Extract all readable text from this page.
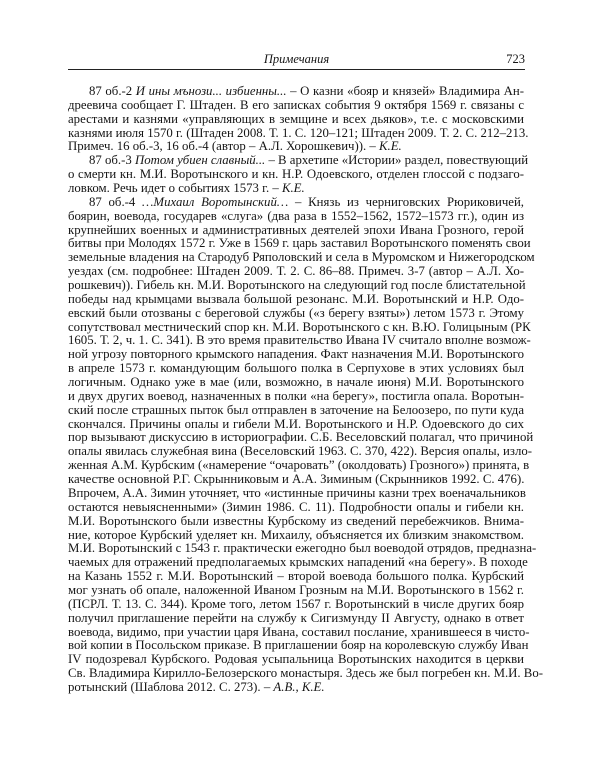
Примечания	723
87 об.-2 И ины мънози... избиенны... – О казни «бояр и князей» Владимира Ан-
дреевича сообщает Г. Штаден. В его записках события 9 октября 1569 г. связаны с
арестами и казнями «управляющих в земщине и всех дьяков», т.е. с московскими
казнями июля 1570 г. (Штаден 2008. Т. 1. С. 120–121; Штаден 2009. Т. 2. С. 212–213.
Примеч. 16 об.-3, 16 об.-4 (автор – А.Л. Хорошкевич)). – К.Е.
87 об.-3 Потом убиен славный... – В архетипе «Истории» раздел, повествующий
о смерти кн. М.И. Воротынского и кн. Н.Р. Одоевского, отделен глоссой с подзаго-
ловком. Речь идет о событиях 1573 г. – К.Е.
87 об.-4 …Михаил Воротынский… – Князь из черниговских Рюриковичей,
боярин, воевода, государев «слуга» (два раза в 1552–1562, 1572–1573 гг.), один из
крупнейших военных и административных деятелей эпохи Ивана Грозного, герой
битвы при Молодях 1572 г. Уже в 1569 г. царь заставил Воротынского поменять свои
земельные владения на Стародуб Ряполовский и села в Муромском и Нижегородском
уездах (см. подробнее: Штаден 2009. Т. 2. С. 86–88. Примеч. 3-7 (автор – А.Л. Хо-
рошкевич)). Гибель кн. М.И. Воротынского на следующий год после блистательной
победы над крымцами вызвала большой резонанс. М.И. Воротынский и Н.Р. Одо-
евский были отозваны с береговой службы («з берегу взяты») летом 1573 г. Этому
сопутствовал местнический спор кн. М.И. Воротынского с кн. В.Ю. Голицыным (РК
1605. Т. 2, ч. 1. С. 341). В это время правительство Ивана IV считало вполне возмож-
ной угрозу повторного крымского нападения. Факт назначения М.И. Воротынского
в апреле 1573 г. командующим большого полка в Серпухове в этих условиях был
логичным. Однако уже в мае (или, возможно, в начале июня) М.И. Воротынского
и двух других воевод, назначенных в полки «на берегу», постигла опала. Воротын-
ский после страшных пыток был отправлен в заточение на Белоозеро, по пути куда
скончался. Причины опалы и гибели М.И. Воротынского и Н.Р. Одоевского до сих
пор вызывают дискуссию в историографии. С.Б. Веселовский полагал, что причиной
опалы явилась служебная вина (Веселовский 1963. С. 370, 422). Версия опалы, изло-
женная А.М. Курбским («намерение “очаровать” (околдовать) Грозного») принята, в
качестве основной Р.Г. Скрынниковым и А.А. Зиминым (Скрынников 1992. С. 476).
Впрочем, А.А. Зимин уточняет, что «истинные причины казни трех военачальников
остаются невыясненными» (Зимин 1986. С. 11). Подробности опалы и гибели кн.
М.И. Воротынского были известны Курбскому из сведений перебежчиков. Внима-
ние, которое Курбский уделяет кн. Михаилу, объясняется их близким знакомством.
М.И. Воротынский с 1543 г. практически ежегодно был воеводой отрядов, предназна-
чаемых для отражений предполагаемых крымских нападений «на берегу». В походе
на Казань 1552 г. М.И. Воротынский – второй воевода большого полка. Курбский
мог узнать об опале, наложенной Иваном Грозным на М.И. Воротынского в 1562 г.
(ПСРЛ. Т. 13. С. 344). Кроме того, летом 1567 г. Воротынский в числе других бояр
получил приглашение перейти на службу к Сигизмунду II Августу, однако в ответ
воевода, видимо, при участии царя Ивана, составил послание, хранившееся в чисто-
вой копии в Посольском приказе. В приглашении бояр на королевскую службу Иван
IV подозревал Курбского. Родовая усыпальница Воротынских находится в церкви
Св. Владимира Кирилло-Белозерского монастыря. Здесь же был погребен кн. М.И. Во-
ротынский (Шаблова 2012. С. 273). – А.В., К.Е.
